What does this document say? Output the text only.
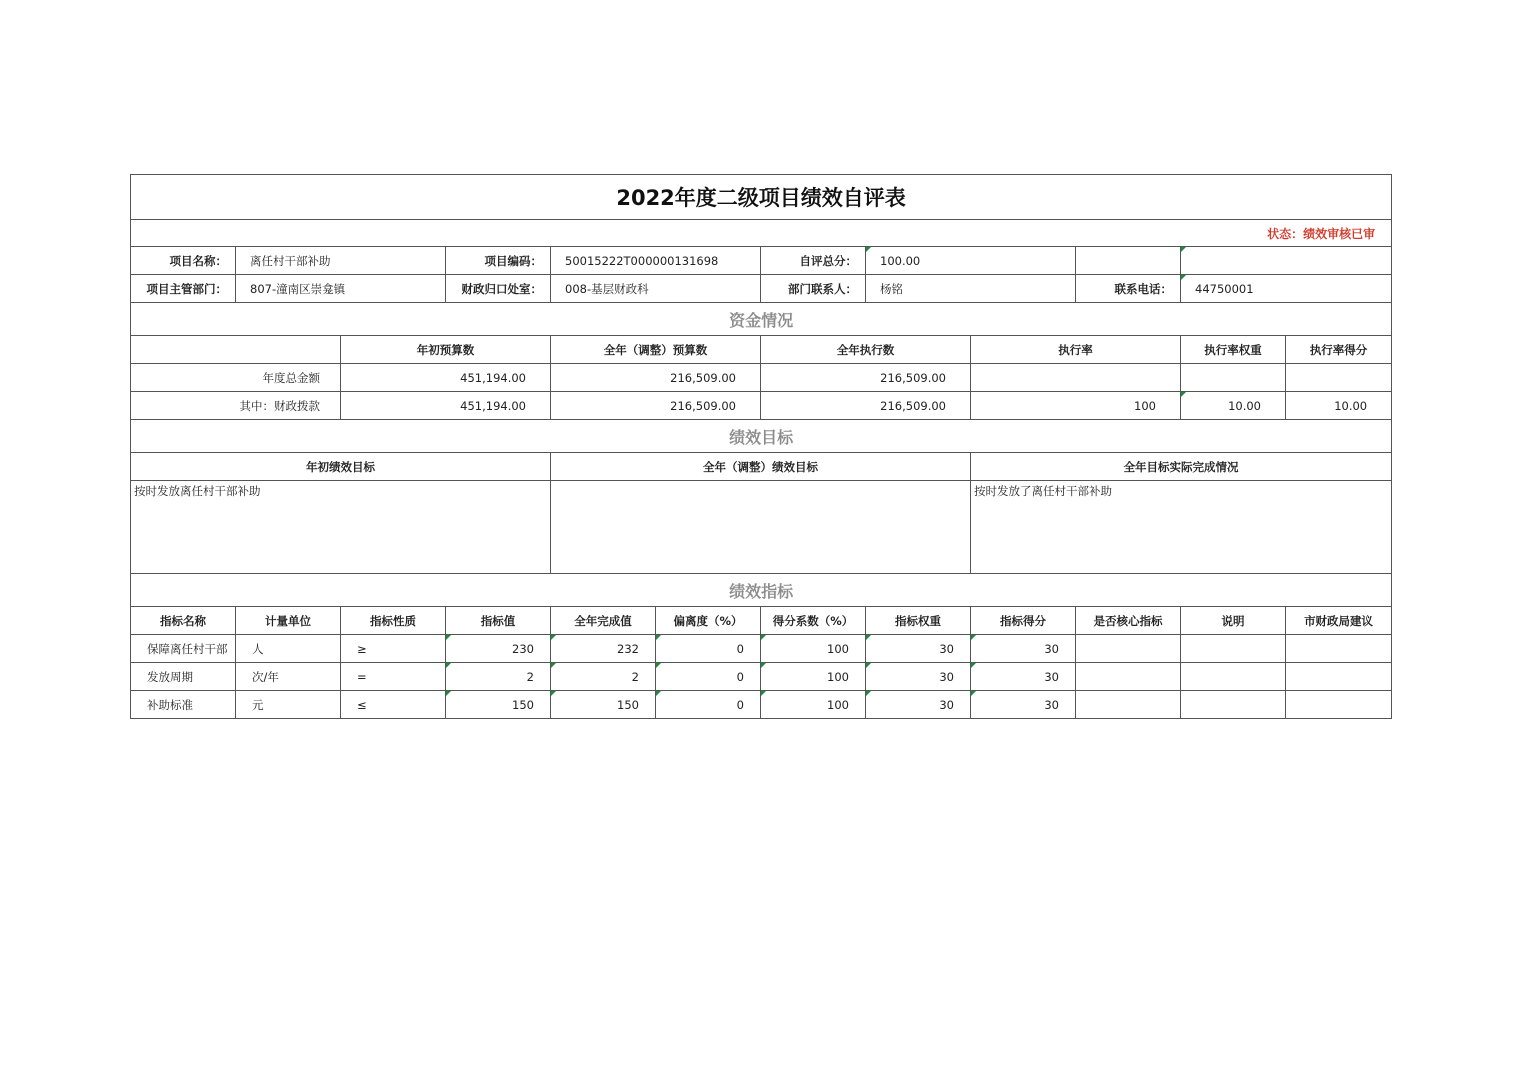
2022年度二级项目绩效自评表											
状态：绩效审核已审											
项目名称：	离任村干部补助		项目编码：	50015222T000000131698		自评总分：	100.00				
项目主管部门：	807-潼南区崇龛镇		财政归口处室：	008-基层财政科		部门联系人：	杨铭		联系电话：	44750001	
资金情况											
		年初预算数		全年（调整）预算数		全年执行数		执行率		执行率权重	执行率得分
年度总金额		451,194.00		216,509.00		216,509.00					
其中：财政拨款		451,194.00		216,509.00		216,509.00		100		10.00	10.00
绩效目标											
年初绩效目标				全年（调整）绩效目标				全年目标实际完成情况			
按时发放离任村干部补助								按时发放了离任村干部补助			
绩效指标											
指标名称	计量单位	指标性质	指标值	全年完成值	偏离度（%）	得分系数（%）	指标权重	指标得分	是否核心指标	说明	市财政局建议
保障离任村干部	人	≥	230	232	0	100	30	30			
发放周期	次/年	=	2	2	0	100	30	30			
补助标准	元	≤	150	150	0	100	30	30			
